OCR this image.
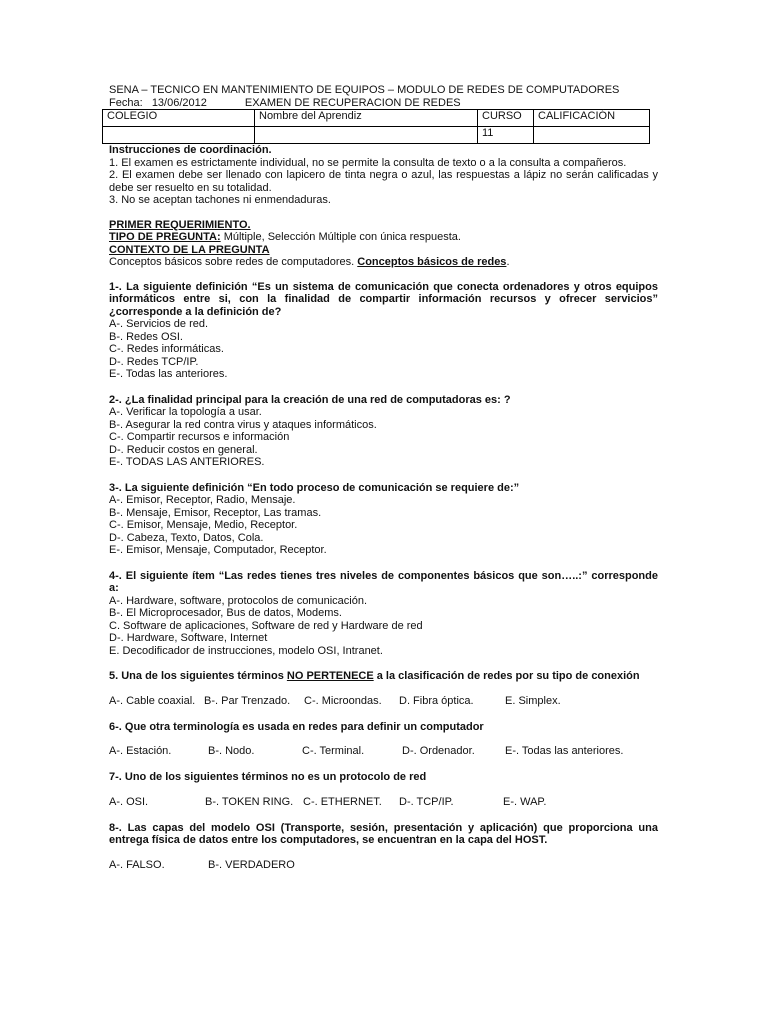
SENA – TECNICO EN MANTENIMIENTO DE EQUIPOS – MODULO DE REDES DE COMPUTADORES
Fecha: 13/06/2012	EXAMEN DE RECUPERACION DE REDES
COLEGIO	Nombre del Aprendiz	CURSO	CALIFICACIÓN
		11	
Instrucciones de coordinación.
1. El examen es estrictamente individual, no se permite la consulta de texto o a la consulta a compañeros.
2. El examen debe ser llenado con lapicero de tinta negra o azul, las respuestas a lápiz no serán calificadas y debe ser resuelto en su totalidad.
3. No se aceptan tachones ni enmendaduras.
PRIMER REQUERIMIENTO.
TIPO DE PREGUNTA: Múltiple, Selección Múltiple con única respuesta.
CONTEXTO DE LA PREGUNTA
Conceptos básicos sobre redes de computadores. Conceptos básicos de redes.
1-. La siguiente definición “Es un sistema de comunicación que conecta ordenadores y otros equipos informáticos entre si, con la finalidad de compartir información recursos y ofrecer servicios” ¿corresponde a la definición de?
A-. Servicios de red.
B-. Redes OSI.
C-. Redes informáticas.
D-. Redes TCP/IP.
E-. Todas las anteriores.
2-. ¿La finalidad principal para la creación de una red de computadoras es: ?
A-. Verificar la topología a usar.
B-. Asegurar la red contra virus y ataques informáticos.
C-. Compartir recursos e información
D-. Reducir costos en general.
E-. TODAS LAS ANTERIORES.
3-. La siguiente definición “En todo proceso de comunicación se requiere de:”
A-. Emisor, Receptor, Radio, Mensaje.
B-. Mensaje, Emisor, Receptor, Las tramas.
C-. Emisor, Mensaje, Medio, Receptor.
D-. Cabeza, Texto, Datos, Cola.
E-. Emisor, Mensaje, Computador, Receptor.
4-. El siguiente ítem “Las redes tienes tres niveles de componentes básicos que son…..:” corresponde a:
A-. Hardware, software, protocolos de comunicación.
B-. El Microprocesador, Bus de datos, Modems.
C. Software de aplicaciones, Software de red y Hardware de red
D-. Hardware, Software, Internet
E. Decodificador de instrucciones, modelo OSI, Intranet.
5. Una de los siguientes términos NO PERTENECE a la clasificación de redes por su tipo de conexión
A-. Cable coaxial. B-. Par Trenzado. C-. Microondas. D. Fibra óptica.	E. Simplex.
6-. Que otra terminología es usada en redes para definir un computador
A-. Estación.	B-. Nodo.	C-. Terminal.	D-. Ordenador.	E-. Todas las anteriores.
7-. Uno de los siguientes términos no es un protocolo de red
A-. OSI.	B-. TOKEN RING. C-. ETHERNET. D-. TCP/IP.	E-. WAP.
8-. Las capas del modelo OSI (Transporte, sesión, presentación y aplicación) que proporciona una entrega física de datos entre los computadores, se encuentran en la capa del HOST.
A-. FALSO.	B-. VERDADERO
